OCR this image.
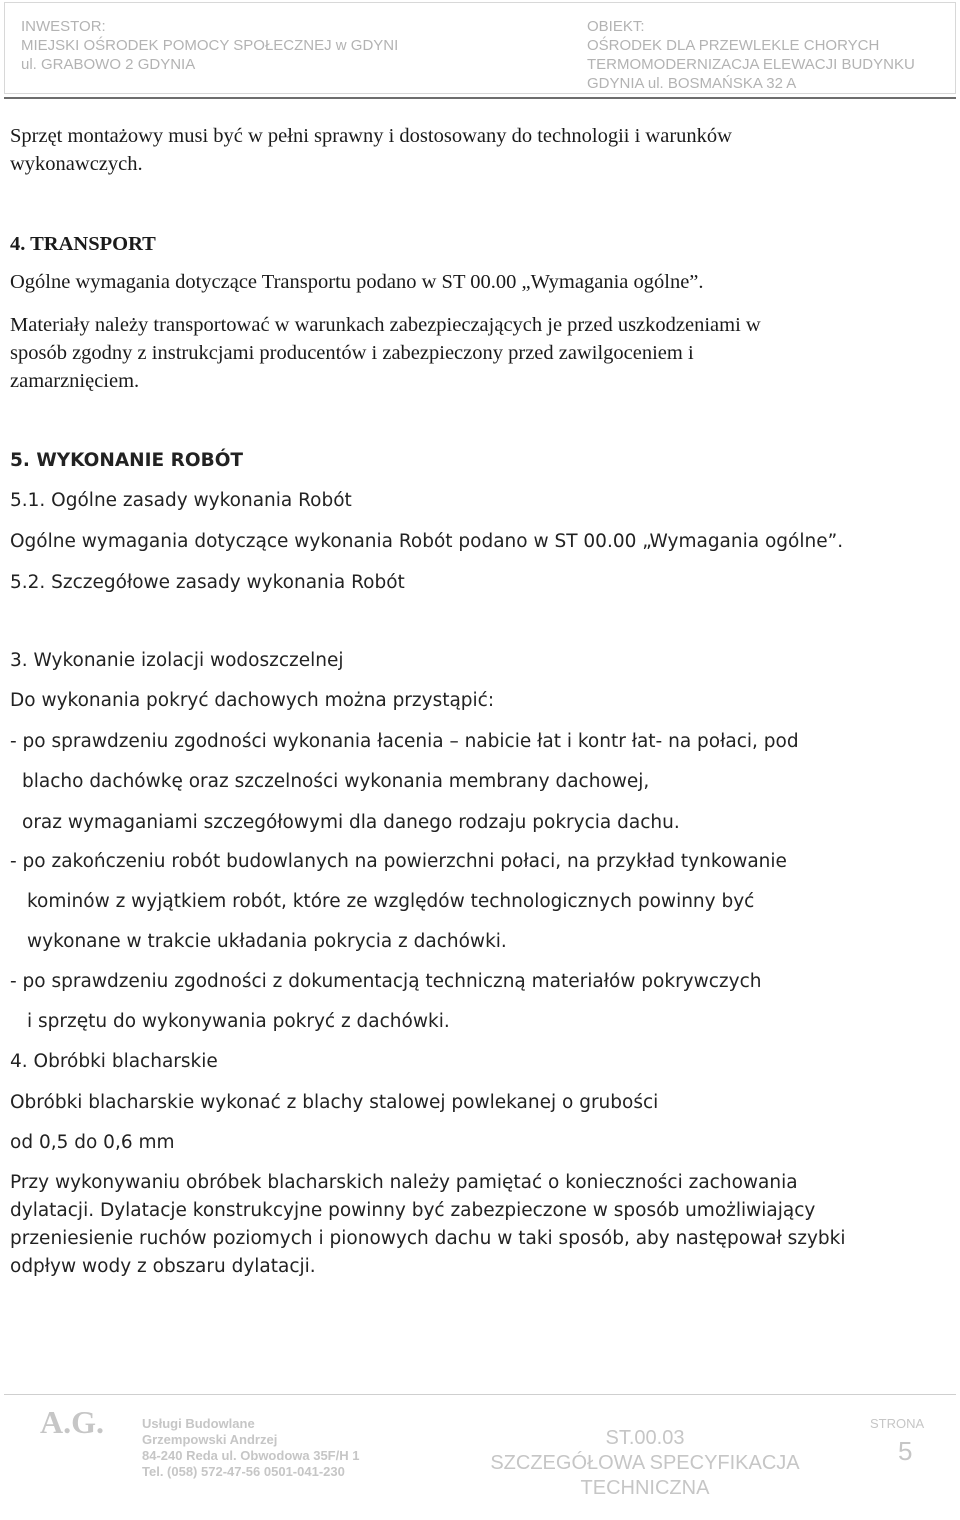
INWESTOR:
MIEJSKI OŚRODEK POMOCY SPOŁECZNEJ w GDYNI
ul. GRABOWO 2 GDYNIA
OBIEKT:
OŚRODEK DLA PRZEWLEKLE CHORYCH
TERMOMODERNIZACJA ELEWACJI BUDYNKU
GDYNIA ul. BOSMAŃSKA 32 A
Sprzęt montażowy musi być w pełni sprawny i dostosowany do technologii i warunków
wykonawczych.
4. TRANSPORT
Ogólne wymagania dotyczące Transportu podano w ST 00.00 „Wymagania ogólne”.
Materiały należy transportować w warunkach zabezpieczających je przed uszkodzeniami w
sposób zgodny z instrukcjami producentów i zabezpieczony przed zawilgoceniem i
zamarznięciem.
5. WYKONANIE ROBÓT
5.1. Ogólne zasady wykonania Robót
Ogólne wymagania dotyczące wykonania Robót podano w ST 00.00 „Wymagania ogólne”.
5.2. Szczegółowe zasady wykonania Robót
3. Wykonanie izolacji wodoszczelnej
Do wykonania pokryć dachowych można przystąpić:
- po sprawdzeniu zgodności wykonania łacenia – nabicie łat i kontr łat- na połaci, pod
blacho dachówkę oraz szczelności wykonania membrany dachowej,
oraz wymaganiami szczegółowymi dla danego rodzaju pokrycia dachu.
- po zakończeniu robót budowlanych na powierzchni połaci, na przykład tynkowanie
kominów z wyjątkiem robót, które ze względów technologicznych powinny być
wykonane w trakcie układania pokrycia z dachówki.
- po sprawdzeniu zgodności z dokumentacją techniczną materiałów pokrywczych
i sprzętu do wykonywania pokryć z dachówki.
4. Obróbki blacharskie
Obróbki blacharskie wykonać z blachy stalowej powlekanej o grubości
od 0,5 do 0,6 mm
Przy wykonywaniu obróbek blacharskich należy pamiętać o konieczności zachowania
dylatacji. Dylatacje konstrukcyjne powinny być zabezpieczone w sposób umożliwiający
przeniesienie ruchów poziomych i pionowych dachu w taki sposób, aby następował szybki
odpływ wody z obszaru dylatacji.
A.G.	Usługi Budowlane
Grzempowski Andrzej
84-240 Reda ul. Obwodowa 35F/H 1
Tel. (058) 572-47-56 0501-041-230
ST.00.03
SZCZEGÓŁOWA SPECYFIKACJA
TECHNICZNA
STRONA
5
